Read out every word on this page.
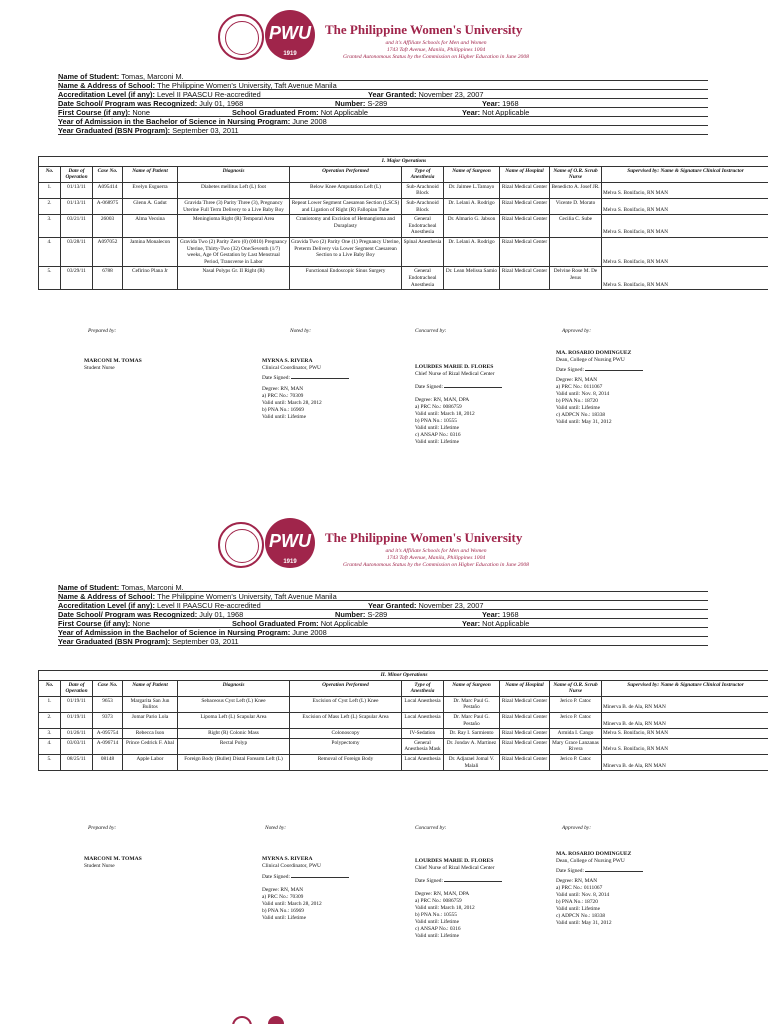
PWU
1919
The Philippine Women's University
and it's Affiliate Schools for Men and Women
1743 Taft Avenue, Manila, Philippines 1004
Granted Autonomous Status by the Commission on Higher Education in June 2008
Name of Student: Tomas, Marconi M.
Name & Address of School: The Philippine Women's University, Taft Avenue Manila
Accreditation Level (if any): Level II PAASCU Re-accredited	Year Granted: November 23, 2007
Date School/ Program was Recognized: July 01, 1968	Number: S-289	Year: 1968
First Course (if any): None	School Graduated From: Not Applicable	Year: Not Applicable
Year of Admission in the Bachelor of Science in Nursing Program: June 2008
Year Graduated (BSN Program): September 03, 2011
I. Major Operations										
No.	Date of Operation	Case No.	Name of Patient	Diagnosis	Operation Performed	Type of Anesthesia	Name of Surgeon	Name of Hospital	Name of O.R. Scrub Nurse	Supervised by: Name & Signature Clinical Instructor
1.	01/13/11	A095414	Evelyn Esguerra	Diabetes mellitus Left (L) foot	Below Knee Amputation Left (L)	Sub-Arachnoid Block	Dr. Jaimee L.Tamayo	Rizal Medical Center	Benedicto A. Josef JR.	Melva S. Bonifacio, RN MAN
2.	01/13/11	A-068975	Glenn A. Gadut	Gravida Three (3) Parity Three (3), Pregnancy Uterine Full Term Delivery to a Live Baby Boy	Repeat Lower Segment Caesarean Section (LSCS) and Ligation of Right (R) Fallopian Tube	Sub-Arachnoid Block	Dr. Lelani A. Rodrigo	Rizal Medical Center	Vicente D. Morato	Melva S. Bonifacio, RN MAN
3.	03/21/11	26003	Alma Vecsina	Meningioma Right (R) Temporal Area	Craniotomy and Excision of Hemangioma and Duraplasty	General Endotracheal Anesthesia	Dr. Almario G. Jabson	Rizal Medical Center	Cecilia C. Sube	Melva S. Bonifacio, RN MAN
4.	03/28/11	A097052	Jamina Monalecon	Gravida Two (2) Parity Zero (0) (0010) Pregnancy Uterine, Thirty-Two (32) One/Seventh (1/7) weeks, Age Of Gestation by Last Menstrual Period, Transverse in Labor	Gravida Two (2) Parity One (1) Pregnancy Uterine, Preterm Delivery via Lower Segment Caesarean Section to a Live Baby Boy	Spinal Anesthesia	Dr. Lelani A. Rodrigo	Rizal Medical Center		Melva S. Bonifacio, RN MAN
5.	03/29/11	6788	Cefirino Plana Jr	Nasal Polyps Gr. II Right (R)	Functional Endoscopic Sinus Surgery	General Endotracheal Anesthesia	Dr. Lean Melissa Samio	Rizal Medical Center	Delvine Rose M. De Jesus	Melva S. Bonifacio, RN MAN
Prepared by:	Noted by:	Concurred by:	Approved by:
MARCONI M. TOMAS
Student Nurse
MYRNA S. RIVERA
Clinical Coordinator, PWU
Date Signed:
Degree: RN, MAN
a) PRC No.: 70309
Valid until: March 28, 2012
b) PNA No.: 16969
Valid until: Lifetime
LOURDES MARIE D. FLORES
Chief Nurse of Rizal Medical Center
Date Signed:
Degree: RN, MAN, DPA
a) PRC No.: 0086759
Valid until: March 18, 2012
b) PNA No.: 10555
Valid until: Lifetime
c) ANSAP No.: 0316
Valid until: Lifetime
MA. ROSARIO DOMINGUEZ
Dean, College of Nursing PWU
Date Signed:
Degree: RN, MAN
a) PRC No.: 0111067
Valid until: Nov. 8, 2014
b) PNA No.: 18720
Valid until: Lifetime
c) ADPCN No.: 18338
Valid until: May 31, 2012
PWU
1919
The Philippine Women's University
and it's Affiliate Schools for Men and Women
1743 Taft Avenue, Manila, Philippines 1004
Granted Autonomous Status by the Commission on Higher Education in June 2008
Name of Student: Tomas, Marconi M.
Name & Address of School: The Philippine Women's University, Taft Avenue Manila
Accreditation Level (if any): Level II PAASCU Re-accredited	Year Granted: November 23, 2007
Date School/ Program was Recognized: July 01, 1968	Number: S-289	Year: 1968
First Course (if any): None	School Graduated From: Not Applicable	Year: Not Applicable
Year of Admission in the Bachelor of Science in Nursing Program: June 2008
Year Graduated (BSN Program): September 03, 2011
II. Minor Operations										
No.	Date of Operation	Case No.	Name of Patient	Diagnosis	Operation Performed	Type of Anesthesia	Name of Surgeon	Name of Hospital	Name of O.R. Scrub Nurse	Supervised by: Name & Signature Clinical Instructor
1.	01/19/11	9653	Margarita San Jun Bulitos	Sebaceous Cyst Left (L) Knee	Excision of Cyst Left (L) Knee	Local Anesthesia	Dr. Marc Paul G. Pestaño	Rizal Medical Center	Jerico P. Catoc	Minerva B. de Ala, RN MAN
2.	01/19/11	9373	Jomar Pario Lola	Lipoma Left (L) Scapular Area	Excision of Mass Left (L) Scapular Area	Local Anesthesia	Dr. Marc Paul G. Pestaño	Rizal Medical Center	Jerico P. Catoc	Minerva B. de Ala, RN MAN
3.	01/26/11	A-095754	Rebecca Ison	Right (R) Colonic Mass	Colonoscopy	IV-Sedation	Dr. Ray I. Sarmiento	Rizal Medical Center	Armida I. Cango	Melva S. Bonifacio, RN MAN
4.	03/03/11	A-096714	Prince Cedrick F. Abal	Rectal Polyp	Polypectomy	General Anesthesia Mask	Dr. Jondav A. Martinez	Rizal Medical Center	Mary Grace Lanzanas Rivera	Melva S. Bonifacio, RN MAN
5.	08/25/11	08148	Apple Labor	Foreign Body (Bullet) Distal Forearm Left (L)	Removal of Foreign Body	Local Anesthesia	Dr. Adjarael Jomal V. Malali	Rizal Medical Center	Jerico P. Catoc	Minerva B. de Ala, RN MAN
Prepared by:	Noted by:	Concurred by:	Approved by:
MARCONI M. TOMAS
Student Nurse
MYRNA S. RIVERA
Clinical Coordinator, PWU
Date Signed:
Degree: RN, MAN
a) PRC No.: 70309
Valid until: March 28, 2012
b) PNA No.: 16969
Valid until: Lifetime
LOURDES MARIE D. FLORES
Chief Nurse of Rizal Medical Center
Date Signed:
Degree: RN, MAN, DPA
a) PRC No.: 0086759
Valid until: March 18, 2012
b) PNA No.: 10555
Valid until: Lifetime
c) ANSAP No.: 0316
Valid until: Lifetime
MA. ROSARIO DOMINGUEZ
Dean, College of Nursing PWU
Date Signed:
Degree: RN, MAN
a) PRC No.: 0111067
Valid until: Nov. 8, 2014
b) PNA No.: 18720
Valid until: Lifetime
c) ADPCN No.: 18338
Valid until: May 31, 2012
